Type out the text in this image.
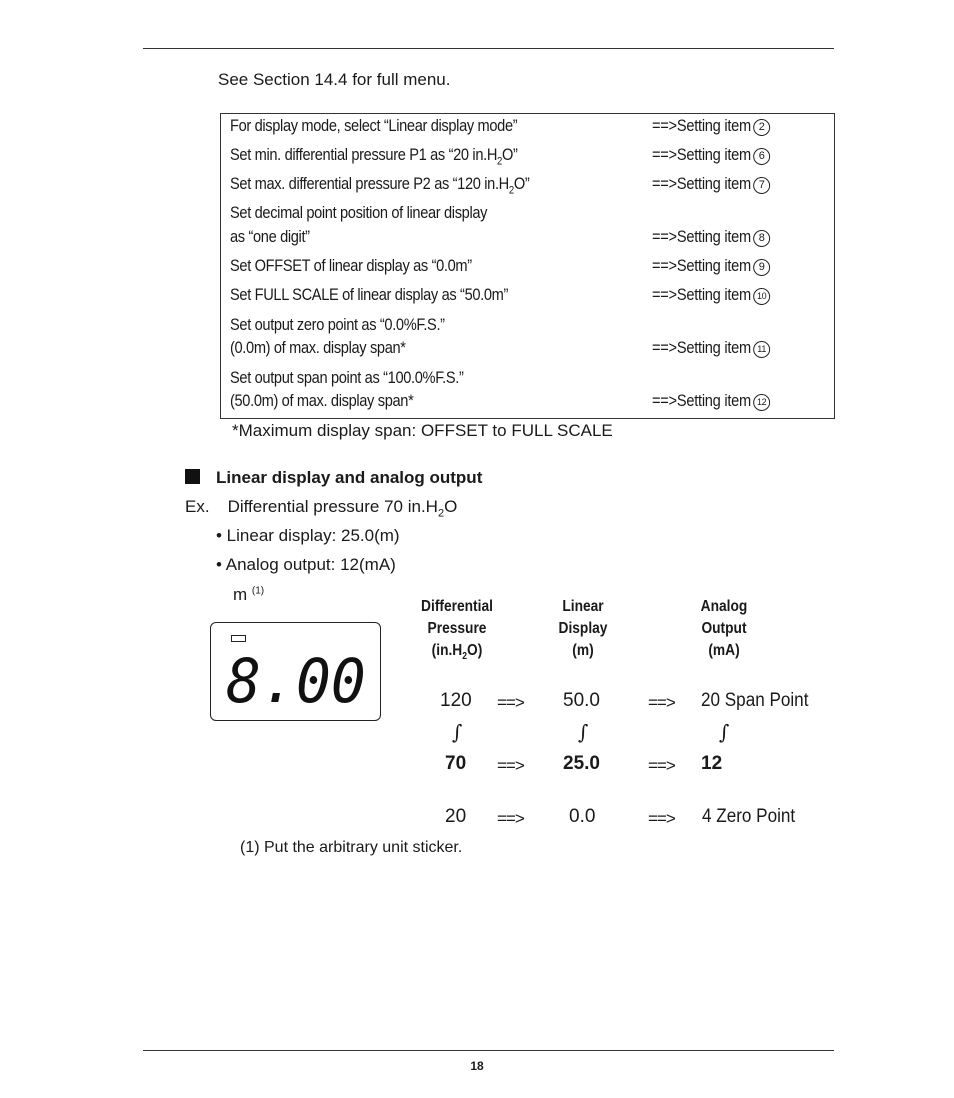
See Section 14.4 for full menu.
For display mode, select “Linear display mode”	==>Setting item 2
Set min. differential pressure P1 as “20 $in.H_2O$”	==>Setting item 6
Set max. differential pressure P2 as “120 $in.H_2O$”	==>Setting item 7
Set decimal point position of linear display
as “one digit”	==>Setting item 8
Set OFFSET of linear display as “0.0m”	==>Setting item 9
Set FULL SCALE of linear display as “50.0m”	==>Setting item 10
Set output zero point as “0.0%F.S.”
(0.0m) of max. display span*	==>Setting item 11
Set output span point as “100.0%F.S.”
(50.0m) of max. display span*	==>Setting item 12
*Maximum display span: OFFSET to FULL SCALE
Linear display and analog output
Ex. Differential pressure 70 $in.H_2O$
• Linear display: 25.0(m)
• Analog output: 12(mA)
m $^{(1)}$
8.00
Differential
Pressure
$(in.H_2O)$
Linear
Display
(m)
Analog
Output
(mA)
120 ==> 50.0	==> 20 Span Point
∫	∫	∫
70 ==> 25.0	==> 12
20 ==> 0.0	==> 4 Zero Point
(1) Put the arbitrary unit sticker.
18
